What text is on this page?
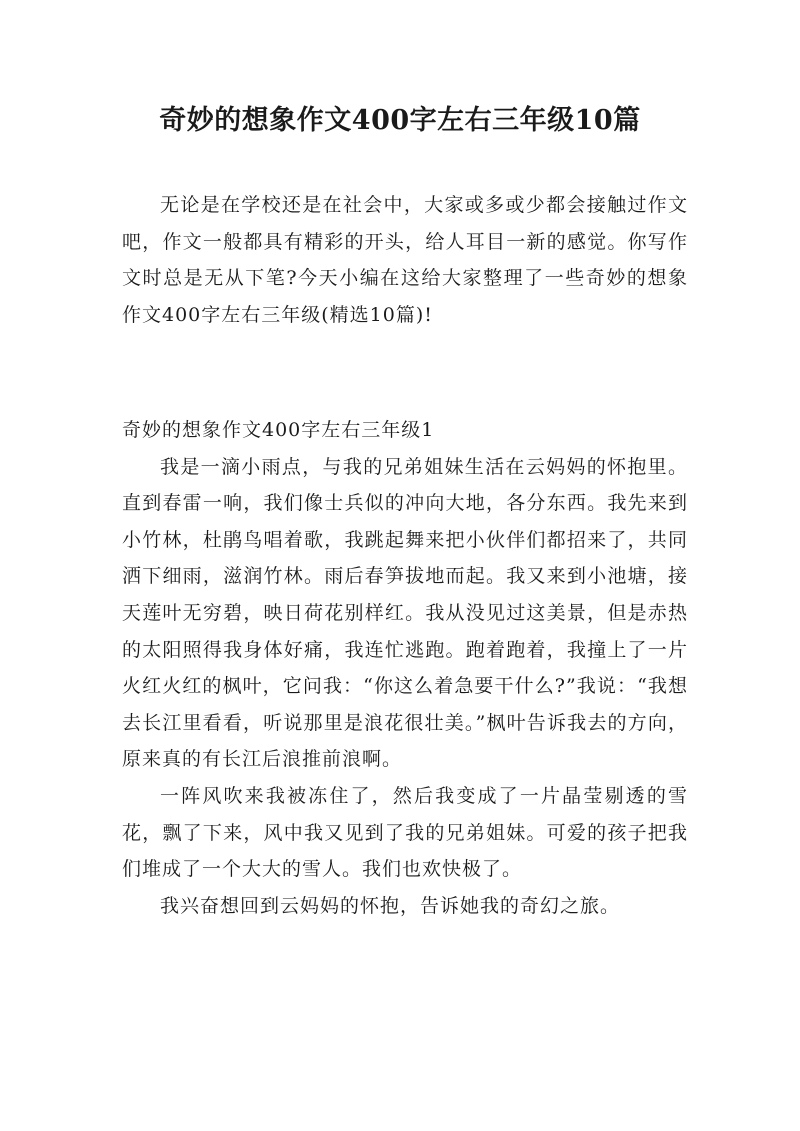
奇妙的想象作文400字左右三年级10篇

无论是在学校还是在社会中，大家或多或少都会接触过作文吧，作文一般都具有精彩的开头，给人耳目一新的感觉。你写作文时总是无从下笔?今天小编在这给大家整理了一些奇妙的想象作文400字左右三年级(精选10篇)!

奇妙的想象作文400字左右三年级1

我是一滴小雨点，与我的兄弟姐妹生活在云妈妈的怀抱里。直到春雷一响，我们像士兵似的冲向大地，各分东西。我先来到小竹林，杜鹃鸟唱着歌，我跳起舞来把小伙伴们都招来了，共同洒下细雨，滋润竹林。雨后春笋拔地而起。我又来到小池塘，接天莲叶无穷碧，映日荷花别样红。我从没见过这美景，但是赤热的太阳照得我身体好痛，我连忙逃跑。跑着跑着，我撞上了一片火红火红的枫叶，它问我：“你这么着急要干什么?”我说：“我想去长江里看看，听说那里是浪花很壮美。”枫叶告诉我去的方向，原来真的有长江后浪推前浪啊。

一阵风吹来我被冻住了，然后我变成了一片晶莹剔透的雪花，飘了下来，风中我又见到了我的兄弟姐妹。可爱的孩子把我们堆成了一个大大的雪人。我们也欢快极了。

我兴奋想回到云妈妈的怀抱，告诉她我的奇幻之旅。
